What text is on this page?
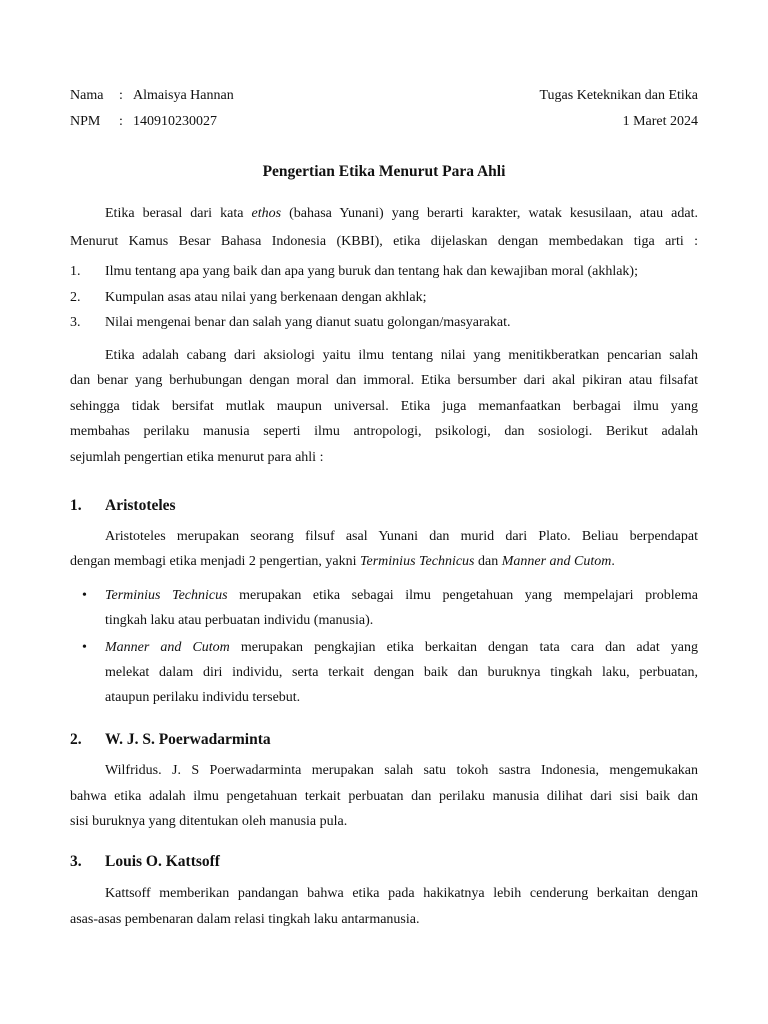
Nama : Almaisya Hannan	Tugas Keteknikan dan Etika
NPM : 140910230027	1 Maret 2024
Pengertian Etika Menurut Para Ahli
Etika berasal dari kata ethos (bahasa Yunani) yang berarti karakter, watak kesusilaan, atau adat.
Menurut Kamus Besar Bahasa Indonesia (KBBI), etika dijelaskan dengan membedakan tiga arti :
1. Ilmu tentang apa yang baik dan apa yang buruk dan tentang hak dan kewajiban moral (akhlak);
2. Kumpulan asas atau nilai yang berkenaan dengan akhlak;
3. Nilai mengenai benar dan salah yang dianut suatu golongan/masyarakat.
Etika adalah cabang dari aksiologi yaitu ilmu tentang nilai yang menitikberatkan pencarian salah
dan benar yang berhubungan dengan moral dan immoral. Etika bersumber dari akal pikiran atau filsafat
sehingga tidak bersifat mutlak maupun universal. Etika juga memanfaatkan berbagai ilmu yang
membahas perilaku manusia seperti ilmu antropologi, psikologi, dan sosiologi. Berikut adalah
sejumlah pengertian etika menurut para ahli :
1. Aristoteles
Aristoteles merupakan seorang filsuf asal Yunani dan murid dari Plato. Beliau berpendapat
dengan membagi etika menjadi 2 pengertian, yakni Terminius Technicus dan Manner and Cutom.
• Terminius Technicus merupakan etika sebagai ilmu pengetahuan yang mempelajari problema
tingkah laku atau perbuatan individu (manusia).
• Manner and Cutom merupakan pengkajian etika berkaitan dengan tata cara dan adat yang
melekat dalam diri individu, serta terkait dengan baik dan buruknya tingkah laku, perbuatan,
ataupun perilaku individu tersebut.
2. W. J. S. Poerwadarminta
Wilfridus. J. S Poerwadarminta merupakan salah satu tokoh sastra Indonesia, mengemukakan
bahwa etika adalah ilmu pengetahuan terkait perbuatan dan perilaku manusia dilihat dari sisi baik dan
sisi buruknya yang ditentukan oleh manusia pula.
3. Louis O. Kattsoff
Kattsoff memberikan pandangan bahwa etika pada hakikatnya lebih cenderung berkaitan dengan
asas-asas pembenaran dalam relasi tingkah laku antarmanusia.
